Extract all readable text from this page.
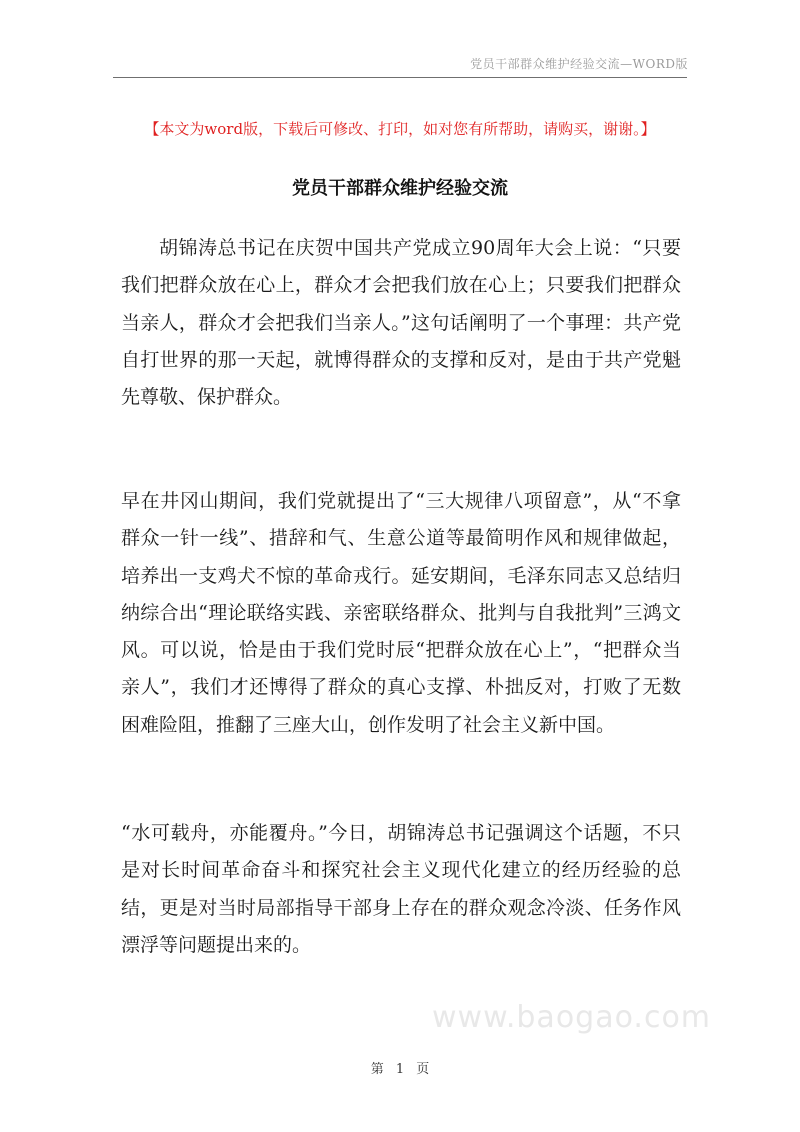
党员干部群众维护经验交流—WORD版
【本文为word版，下载后可修改、打印，如对您有所帮助，请购买，谢谢。】
党员干部群众维护经验交流

胡锦涛总书记在庆贺中国共产党成立90周年大会上说：“只要我们把群众放在心上，群众才会把我们放在心上；只要我们把群众当亲人，群众才会把我们当亲人。”这句话阐明了一个事理：共产党自打世界的那一天起，就博得群众的支撑和反对，是由于共产党魁先尊敬、保护群众。

早在井冈山期间，我们党就提出了“三大规律八项留意”，从“不拿群众一针一线”、措辞和气、生意公道等最简明作风和规律做起，培养出一支鸡犬不惊的革命戎行。延安期间，毛泽东同志又总结归纳综合出“理论联络实践、亲密联络群众、批判与自我批判”三鸿文风。可以说，恰是由于我们党时辰“把群众放在心上”，“把群众当亲人”，我们才还博得了群众的真心支撑、朴拙反对，打败了无数困难险阻，推翻了三座大山，创作发明了社会主义新中国。

“水可载舟，亦能覆舟。”今日，胡锦涛总书记强调这个话题，不只是对长时间革命奋斗和探究社会主义现代化建立的经历经验的总结，更是对当时局部指导干部身上存在的群众观念冷淡、任务作风漂浮等问题提出来的。

www.baogao.com
第 1 页
